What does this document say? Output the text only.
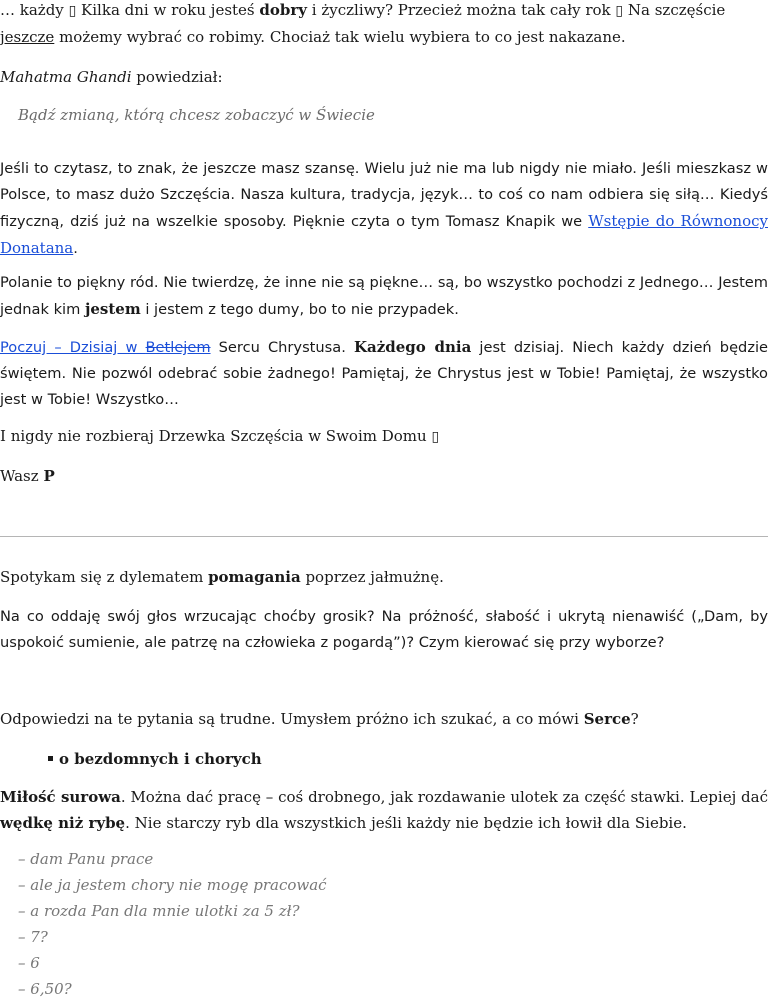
… każdy ▯ Kilka dni w roku jesteś dobry i życzliwy? Przecież można tak cały rok ▯ Na szczęście
jeszcze możemy wybrać co robimy. Chociaż tak wielu wybiera to co jest nakazane.

Mahatma Ghandi powiedział:

Bądź zmianą, którą chcesz zobaczyć w Świecie

Jeśli to czytasz, to znak, że jeszcze masz szansę. Wielu już nie ma lub nigdy nie miało. Jeśli mieszkasz w Polsce, to masz dużo Szczęścia. Nasza kultura, tradycja, język… to coś co nam odbiera się siłą… Kiedyś fizyczną, dziś już na wszelkie sposoby. Pięknie czyta o tym Tomasz Knapik we Wstępie do Równonocy Donatana.

Polanie to piękny ród. Nie twierdzę, że inne nie są piękne… są, bo wszystko pochodzi z Jednego… Jestem jednak kim jestem i jestem z tego dumy, bo to nie przypadek.

Poczuj – Dzisiaj w Betlejem Sercu Chrystusa. Każdego dnia jest dzisiaj. Niech każdy dzień będzie świętem. Nie pozwól odebrać sobie żadnego! Pamiętaj, że Chrystus jest w Tobie! Pamiętaj, że wszystko jest w Tobie! Wszystko…

I nigdy nie rozbieraj Drzewka Szczęścia w Swoim Domu ▯

Wasz P

Spotykam się z dylematem pomagania poprzez jałmużnę.

Na co oddaję swój głos wrzucając choćby grosik? Na próżność, słabość i ukrytą nienawiść („Dam, by uspokoić sumienie, ale patrzę na człowieka z pogardą”)? Czym kierować się przy wyborze?

Odpowiedzi na te pytania są trudne. Umysłem próżno ich szukać, a co mówi Serce?

o bezdomnych i chorych

Miłość surowa. Można dać pracę – coś drobnego, jak rozdawanie ulotek za część stawki. Lepiej dać wędkę niż rybę. Nie starczy ryb dla wszystkich jeśli każdy nie będzie ich łowił dla Siebie.

– dam Panu prace
– ale ja jestem chory nie mogę pracować
– a rozda Pan dla mnie ulotki za 5 zł?
– 7?
– 6
– 6,50?
